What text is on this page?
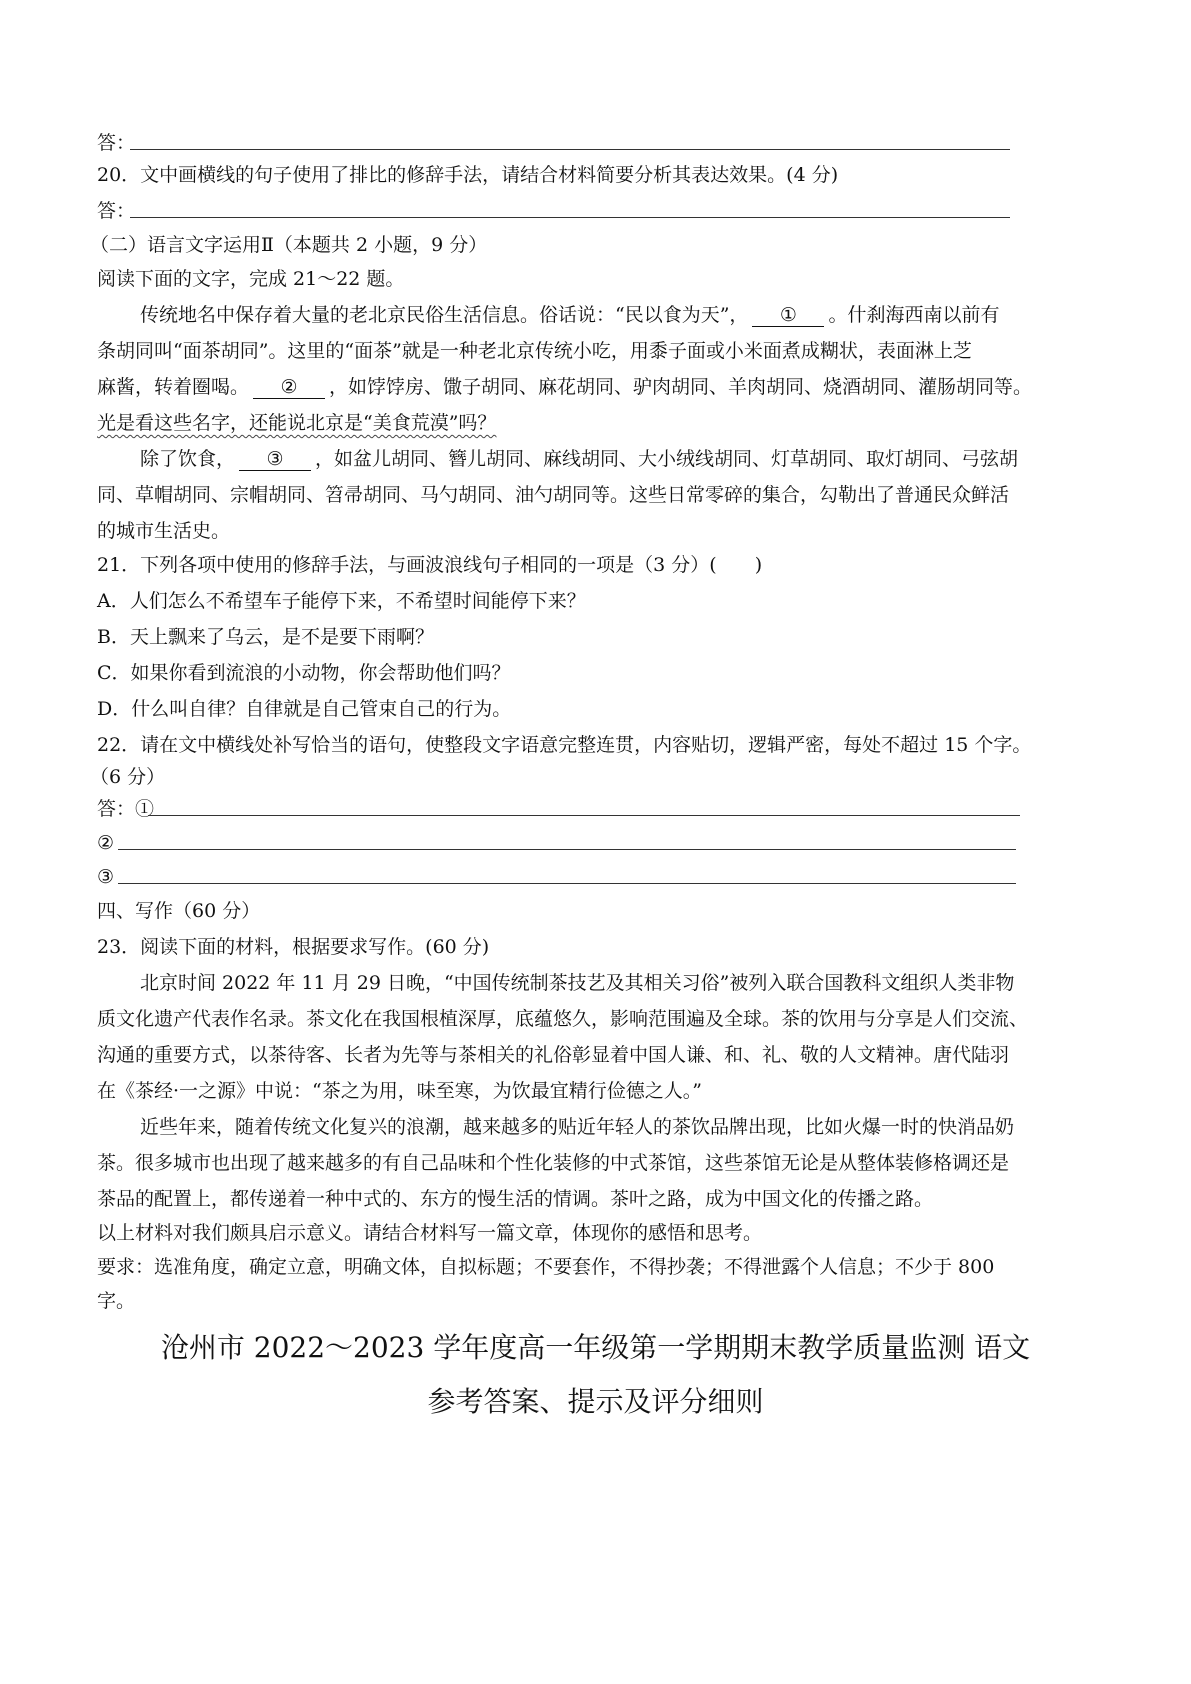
答：
20．文中画横线的句子使用了排比的修辞手法，请结合材料简要分析其表达效果。(4 分)
答：
（二）语言文字运用Ⅱ（本题共 2 小题，9 分）
阅读下面的文字，完成 21～22 题。
传统地名中保存着大量的老北京民俗生活信息。俗话说：“民以食为天”， ① 。什刹海西南以前有
条胡同叫“面茶胡同”。这里的“面茶”就是一种老北京传统小吃，用黍子面或小米面煮成糊状，表面淋上芝
麻酱，转着圈喝。 ② ，如饽饽房、馓子胡同、麻花胡同、驴肉胡同、羊肉胡同、烧酒胡同、灌肠胡同等。
光是看这些名字，还能说北京是“美食荒漠”吗？
除了饮食， ③ ，如盆儿胡同、簪儿胡同、麻线胡同、大小绒线胡同、灯草胡同、取灯胡同、弓弦胡
同、草帽胡同、宗帽胡同、笤帚胡同、马勺胡同、油勺胡同等。这些日常零碎的集合，勾勒出了普通民众鲜活
的城市生活史。
21．下列各项中使用的修辞手法，与画波浪线句子相同的一项是（3 分）(　　)
A．人们怎么不希望车子能停下来，不希望时间能停下来？
B．天上飘来了乌云，是不是要下雨啊？
C．如果你看到流浪的小动物，你会帮助他们吗？
D．什么叫自律？自律就是自己管束自己的行为。
22．请在文中横线处补写恰当的语句，使整段文字语意完整连贯，内容贴切，逻辑严密，每处不超过 15 个字。
（6 分）
答：①
②
③
四、写作（60 分）
23．阅读下面的材料，根据要求写作。(60 分)
北京时间 2022 年 11 月 29 日晚，“中国传统制茶技艺及其相关习俗”被列入联合国教科文组织人类非物
质文化遗产代表作名录。茶文化在我国根植深厚，底蕴悠久，影响范围遍及全球。茶的饮用与分享是人们交流、
沟通的重要方式，以茶待客、长者为先等与茶相关的礼俗彰显着中国人谦、和、礼、敬的人文精神。唐代陆羽
在《茶经·一之源》中说：“茶之为用，味至寒，为饮最宜精行俭德之人。”
近些年来，随着传统文化复兴的浪潮，越来越多的贴近年轻人的茶饮品牌出现，比如火爆一时的快消品奶
茶。很多城市也出现了越来越多的有自己品味和个性化装修的中式茶馆，这些茶馆无论是从整体装修格调还是
茶品的配置上，都传递着一种中式的、东方的慢生活的情调。茶叶之路，成为中国文化的传播之路。
以上材料对我们颇具启示意义。请结合材料写一篇文章，体现你的感悟和思考。
要求：选准角度，确定立意，明确文体，自拟标题；不要套作，不得抄袭；不得泄露个人信息；不少于 800
字。
沧州市 2022～2023 学年度高一年级第一学期期末教学质量监测 语文
参考答案、提示及评分细则
